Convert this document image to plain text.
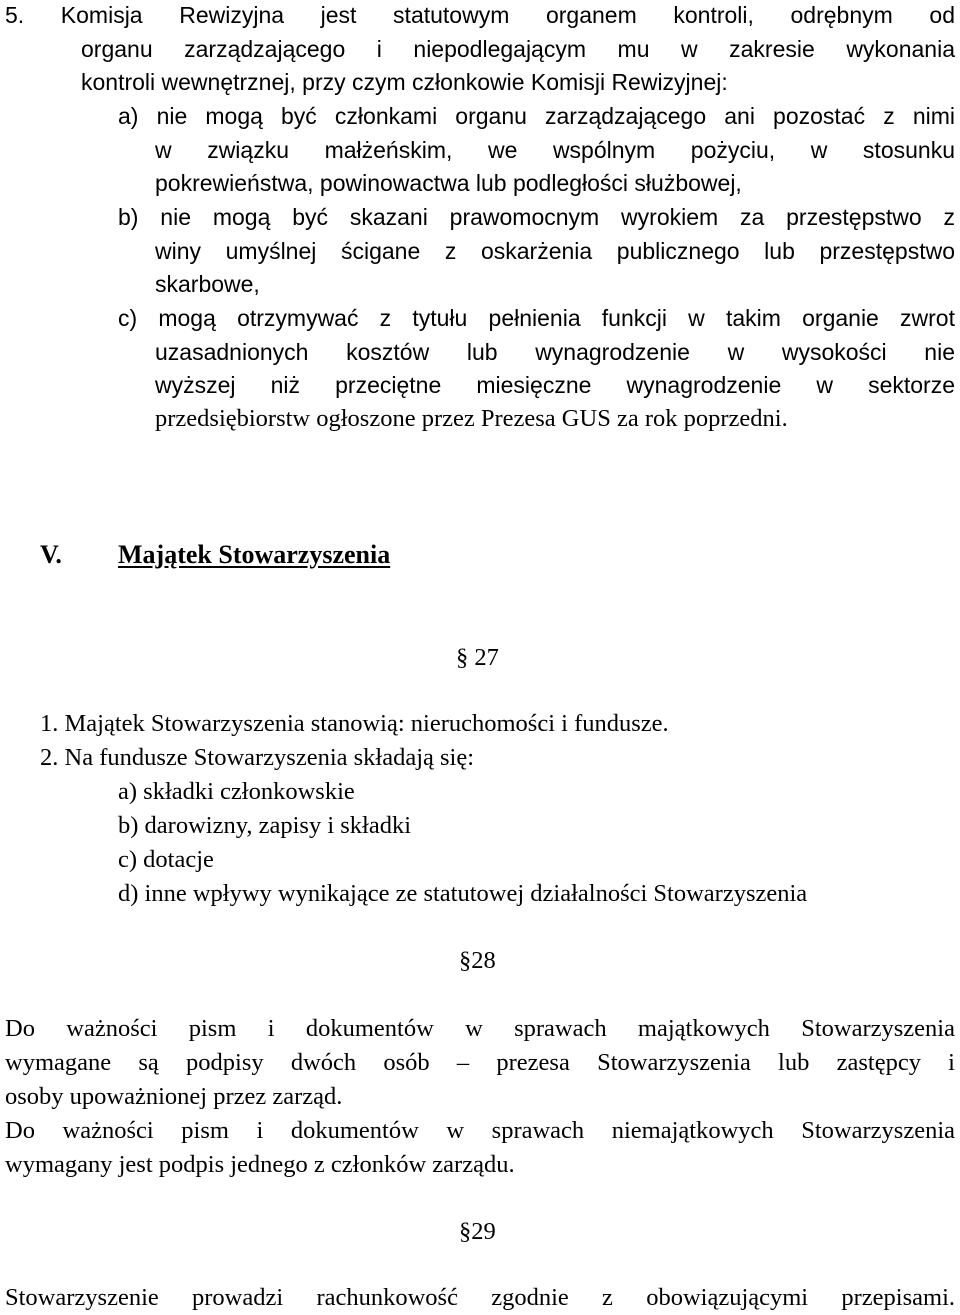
5. Komisja Rewizyjna jest statutowym organem kontroli, odrębnym od
organu zarządzającego i niepodlegającym mu w zakresie wykonania
kontroli wewnętrznej, przy czym członkowie Komisji Rewizyjnej:
a) nie mogą być członkami organu zarządzającego ani pozostać z nimi
w związku małżeńskim, we wspólnym pożyciu, w stosunku
pokrewieństwa, powinowactwa lub podległości służbowej,
b) nie mogą być skazani prawomocnym wyrokiem za przestępstwo z
winy umyślnej ścigane z oskarżenia publicznego lub przestępstwo
skarbowe,
c) mogą otrzymywać z tytułu pełnienia funkcji w takim organie zwrot
uzasadnionych kosztów lub wynagrodzenie w wysokości nie
wyższej niż przeciętne miesięczne wynagrodzenie w sektorze
przedsiębiorstw ogłoszone przez Prezesa GUS za rok poprzedni.
V. Majątek Stowarzyszenia
§ 27
1. Majątek Stowarzyszenia stanowią: nieruchomości i fundusze.
2. Na fundusze Stowarzyszenia składają się:
a) składki członkowskie
b) darowizny, zapisy i składki
c) dotacje
d) inne wpływy wynikające ze statutowej działalności Stowarzyszenia
§28
Do ważności pism i dokumentów w sprawach majątkowych Stowarzyszenia
wymagane są podpisy dwóch osób – prezesa Stowarzyszenia lub zastępcy i
osoby upoważnionej przez zarząd.
Do ważności pism i dokumentów w sprawach niemajątkowych Stowarzyszenia
wymagany jest podpis jednego z członków zarządu.
§29
Stowarzyszenie prowadzi rachunkowość zgodnie z obowiązującymi przepisami.
